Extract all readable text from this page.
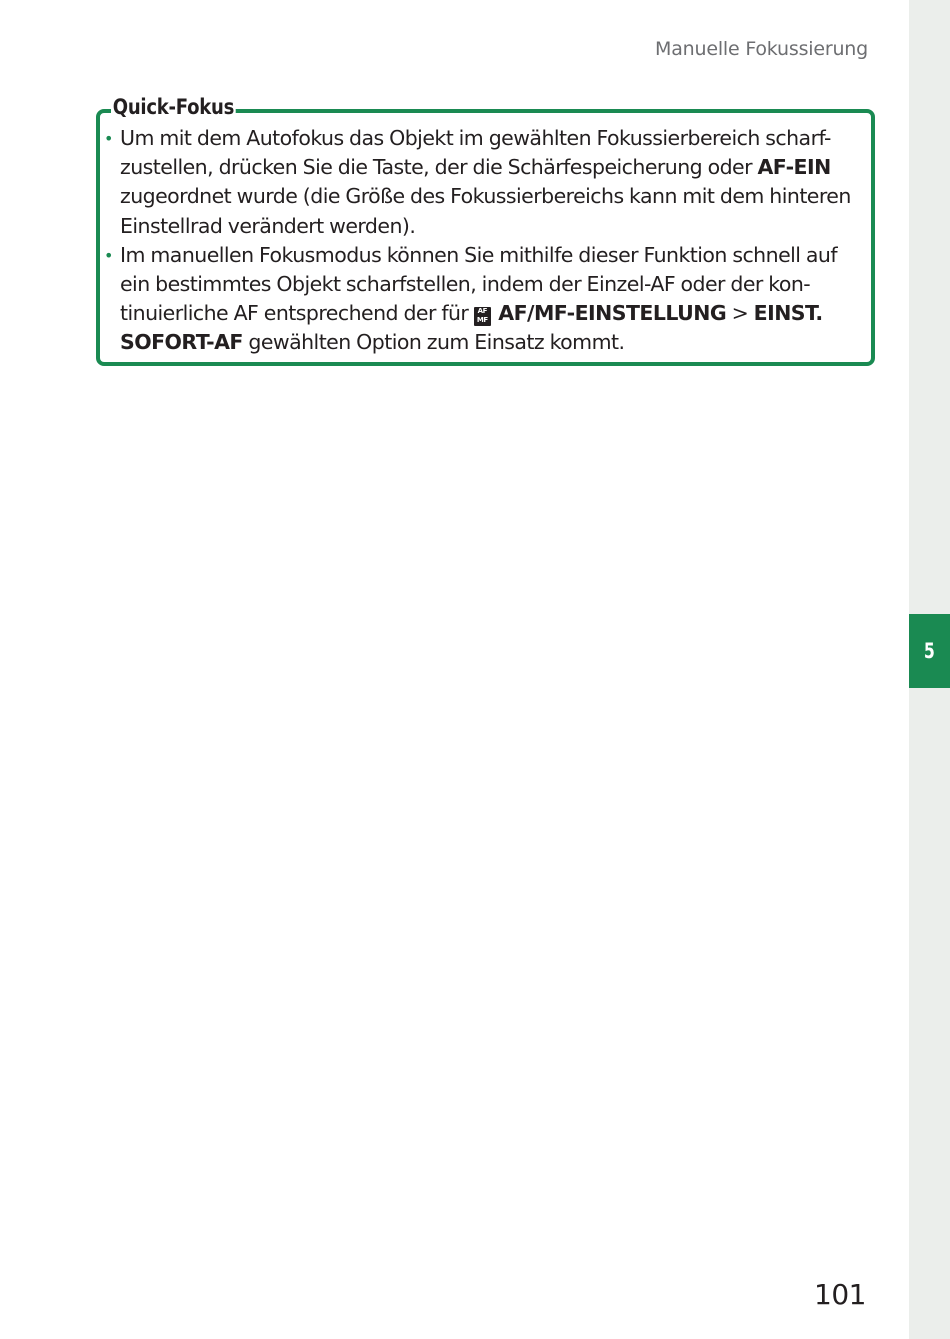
5
Manuelle Fokussierung
Quick-Fokus
• Um mit dem Autofokus das Objekt im gewählten Fokussierbereich scharf-
zustellen, drücken Sie die Taste, der die Schärfespeicherung oder AF-EIN
zugeordnet wurde (die Größe des Fokussierbereichs kann mit dem hinteren
Einstellrad verändert werden).
• Im manuellen Fokusmodus können Sie mithilfe dieser Funktion schnell auf
ein bestimmtes Objekt scharfstellen, indem der Einzel-AF oder der kon-
tinuierliche AF entsprechend der für AF
MF AF/MF-EINSTELLUNG > EINST.
SOFORT-AF gewählten Option zum Einsatz kommt.
101
